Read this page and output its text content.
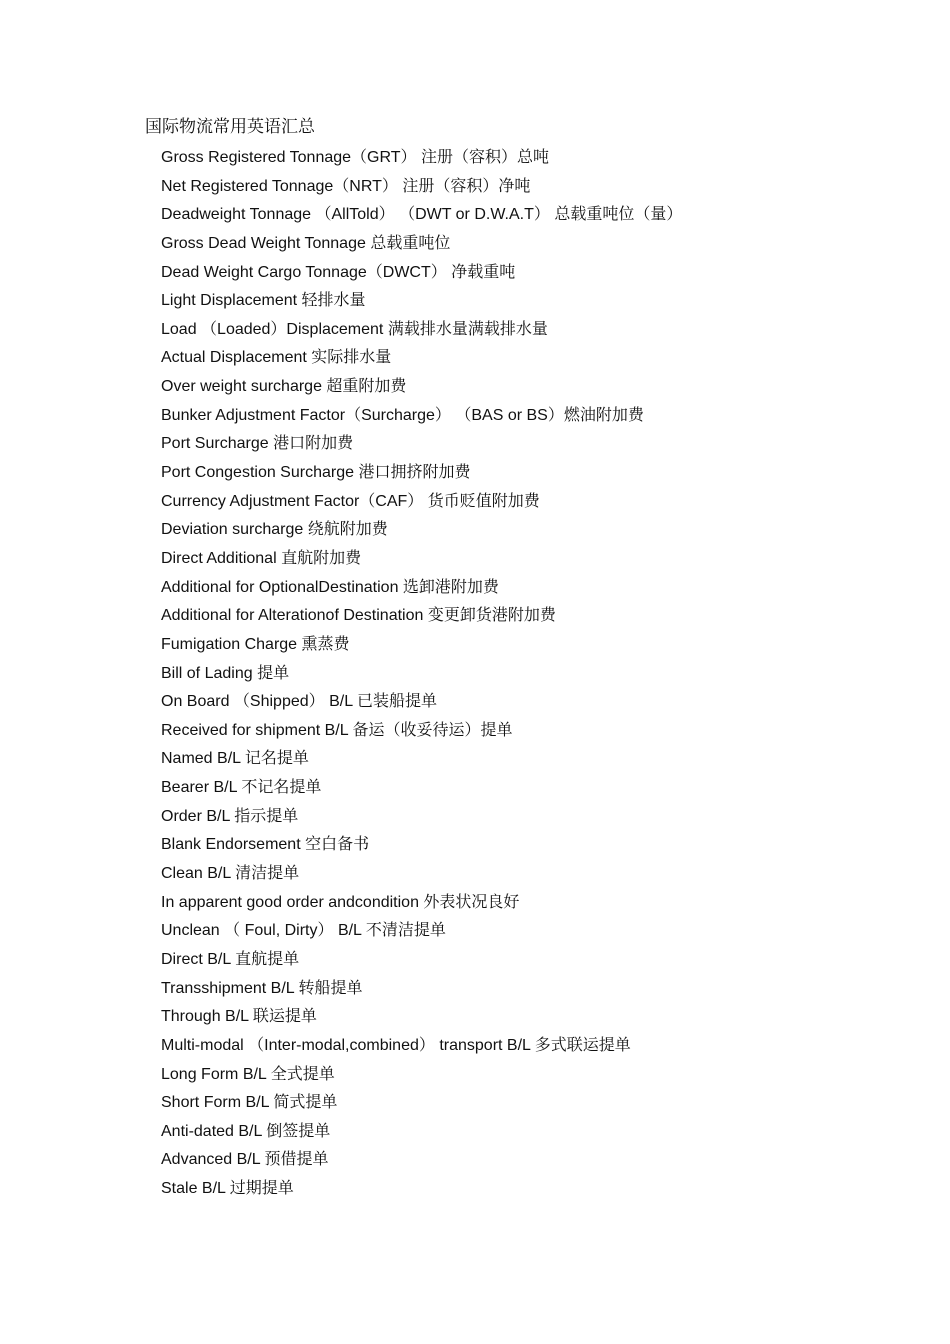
国际物流常用英语汇总
Gross Registered Tonnage（GRT） 注册（容积）总吨
Net Registered Tonnage（NRT） 注册（容积）净吨
Deadweight Tonnage （AllTold） （DWT or D.W.A.T） 总载重吨位（量）
Gross Dead Weight Tonnage 总载重吨位
Dead Weight Cargo Tonnage（DWCT） 净载重吨
Light Displacement 轻排水量
Load （Loaded）Displacement 满载排水量满载排水量
Actual Displacement 实际排水量
Over weight surcharge 超重附加费
Bunker Adjustment Factor（Surcharge） （BAS or BS）燃油附加费
Port Surcharge 港口附加费
Port Congestion Surcharge 港口拥挤附加费
Currency Adjustment Factor（CAF） 货币贬值附加费
Deviation surcharge 绕航附加费
Direct Additional 直航附加费
Additional for OptionalDestination 选卸港附加费
Additional for Alterationof Destination 变更卸货港附加费
Fumigation Charge 熏蒸费
Bill of Lading 提单
On Board （Shipped） B/L 已装船提单
Received for shipment B/L 备运（收妥待运）提单
Named B/L 记名提单
Bearer B/L 不记名提单
Order B/L 指示提单
Blank Endorsement 空白备书
Clean B/L 清洁提单
In apparent good order andcondition 外表状况良好
Unclean （ Foul, Dirty） B/L 不清洁提单
Direct B/L 直航提单
Transshipment B/L 转船提单
Through B/L 联运提单
Multi-modal （Inter-modal,combined） transport B/L 多式联运提单
Long Form B/L 全式提单
Short Form B/L 简式提单
Anti-dated B/L 倒签提单
Advanced B/L 预借提单
Stale B/L 过期提单
